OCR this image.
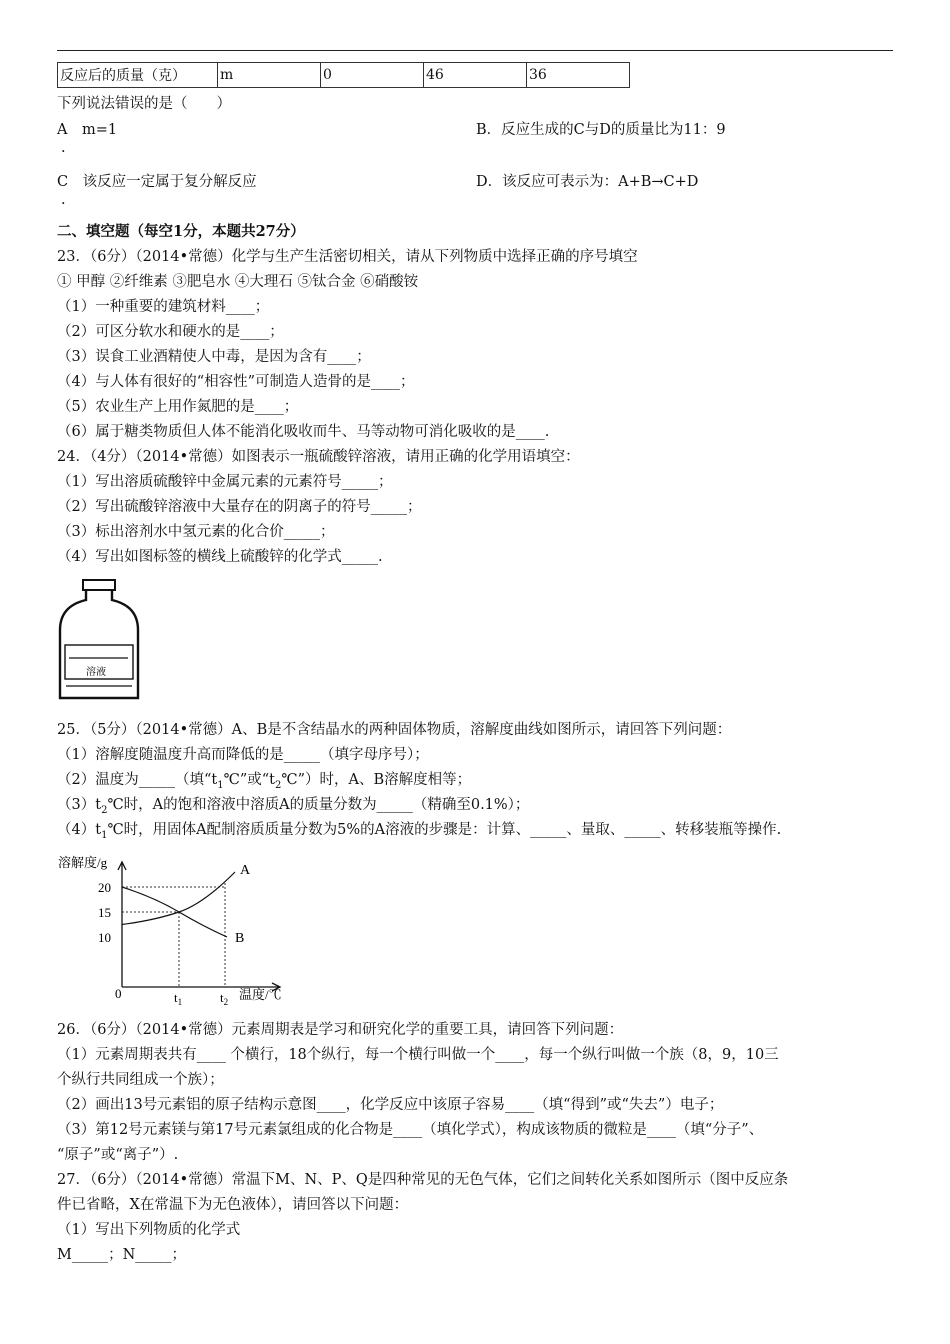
反应后的质量（克）	m	0	46	36
下列说法错误的是（　　）
A　m=1	B．反应生成的C与D的质量比为11：9
.
C　该反应一定属于复分解反应	D．该反应可表示为：A+B→C+D
.
二、填空题（每空1分，本题共27分）
23．（6分）（2014•常德）化学与生产生活密切相关，请从下列物质中选择正确的序号填空
① 甲醇 ②纤维素 ③肥皂水 ④大理石 ⑤钛合金 ⑥硝酸铵
（1）一种重要的建筑材料____；
（2）可区分软水和硬水的是____；
（3）误食工业酒精使人中毒，是因为含有____；
（4）与人体有很好的“相容性”可制造人造骨的是____；
（5）农业生产上用作氮肥的是____；
（6）属于糖类物质但人体不能消化吸收而牛、马等动物可消化吸收的是____.
24．（4分）（2014•常德）如图表示一瓶硫酸锌溶液，请用正确的化学用语填空：
（1）写出溶质硫酸锌中金属元素的元素符号_____；
（2）写出硫酸锌溶液中大量存在的阴离子的符号_____；
（3）标出溶剂水中氢元素的化合价_____；
（4）写出如图标签的横线上硫酸锌的化学式_____.
溶液
25．（5分）（2014•常德）A、B是不含结晶水的两种固体物质，溶解度曲线如图所示，请回答下列问题：
（1）溶解度随温度升高而降低的是_____（填字母序号）；
（2）温度为_____（填“$t_1℃$”或“$t_2℃$”）时，A、B溶解度相等；
$(3)t_2℃$时，A的饱和溶液中溶质A的质量分数为_____（精确至0.1%）；
$(4)t_1℃$时，用固体A配制溶质质量分数为5%的A溶液的步骤是：计算、_____、量取、_____、转移装瓶等操作.
溶解度/g
温度/℃
0
20
15
10
$t_1$	$t_2$
A
B
26．（6分）（2014•常德）元素周期表是学习和研究化学的重要工具，请回答下列问题：
（1）元素周期表共有____ 个横行，18个纵行，每一个横行叫做一个____，每一个纵行叫做一个族（8，9，10三
个纵行共同组成一个族）；
（2）画出13号元素铝的原子结构示意图____，化学反应中该原子容易____（填“得到”或“失去”）电子；
（3）第12号元素镁与第17号元素氯组成的化合物是____（填化学式），构成该物质的微粒是____（填“分子”、
“原子”或“离子”）.
27．（6分）（2014•常德）常温下M、N、P、Q是四种常见的无色气体，它们之间转化关系如图所示（图中反应条
件已省略，X在常温下为无色液体），请回答以下问题：
（1）写出下列物质的化学式
M_____；N_____；
